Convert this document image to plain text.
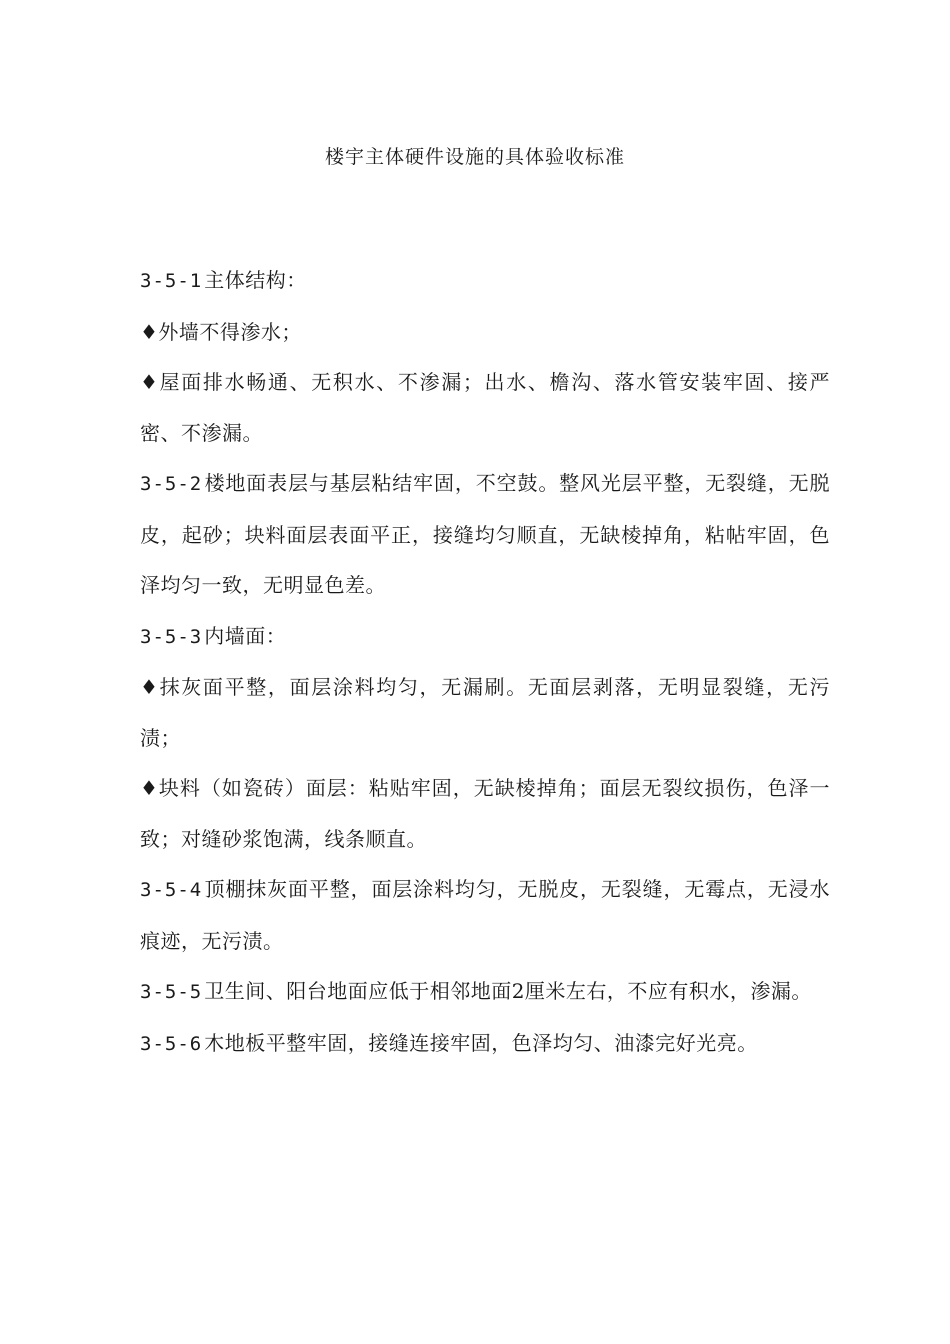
楼宇主体硬件设施的具体验收标准

3-5-1 主体结构：

♦外墙不得渗水；

♦屋面排水畅通、无积水、不渗漏；出水、檐沟、落水管安装牢固、接严密、不渗漏。

3-5-2 楼地面表层与基层粘结牢固，不空鼓。整风光层平整，无裂缝，无脱皮，起砂；块料面层表面平正，接缝均匀顺直，无缺棱掉角，粘帖牢固，色泽均匀一致，无明显色差。

3-5-3 内墙面：

♦抹灰面平整，面层涂料均匀，无漏刷。无面层剥落，无明显裂缝，无污渍；

♦块料（如瓷砖）面层：粘贴牢固，无缺棱掉角；面层无裂纹损伤，色泽一致；对缝砂浆饱满，线条顺直。

3-5-4 顶棚抹灰面平整，面层涂料均匀，无脱皮，无裂缝，无霉点，无浸水痕迹，无污渍。

3-5-5 卫生间、阳台地面应低于相邻地面2厘米左右，不应有积水，渗漏。

3-5-6 木地板平整牢固，接缝连接牢固，色泽均匀、油漆完好光亮。
